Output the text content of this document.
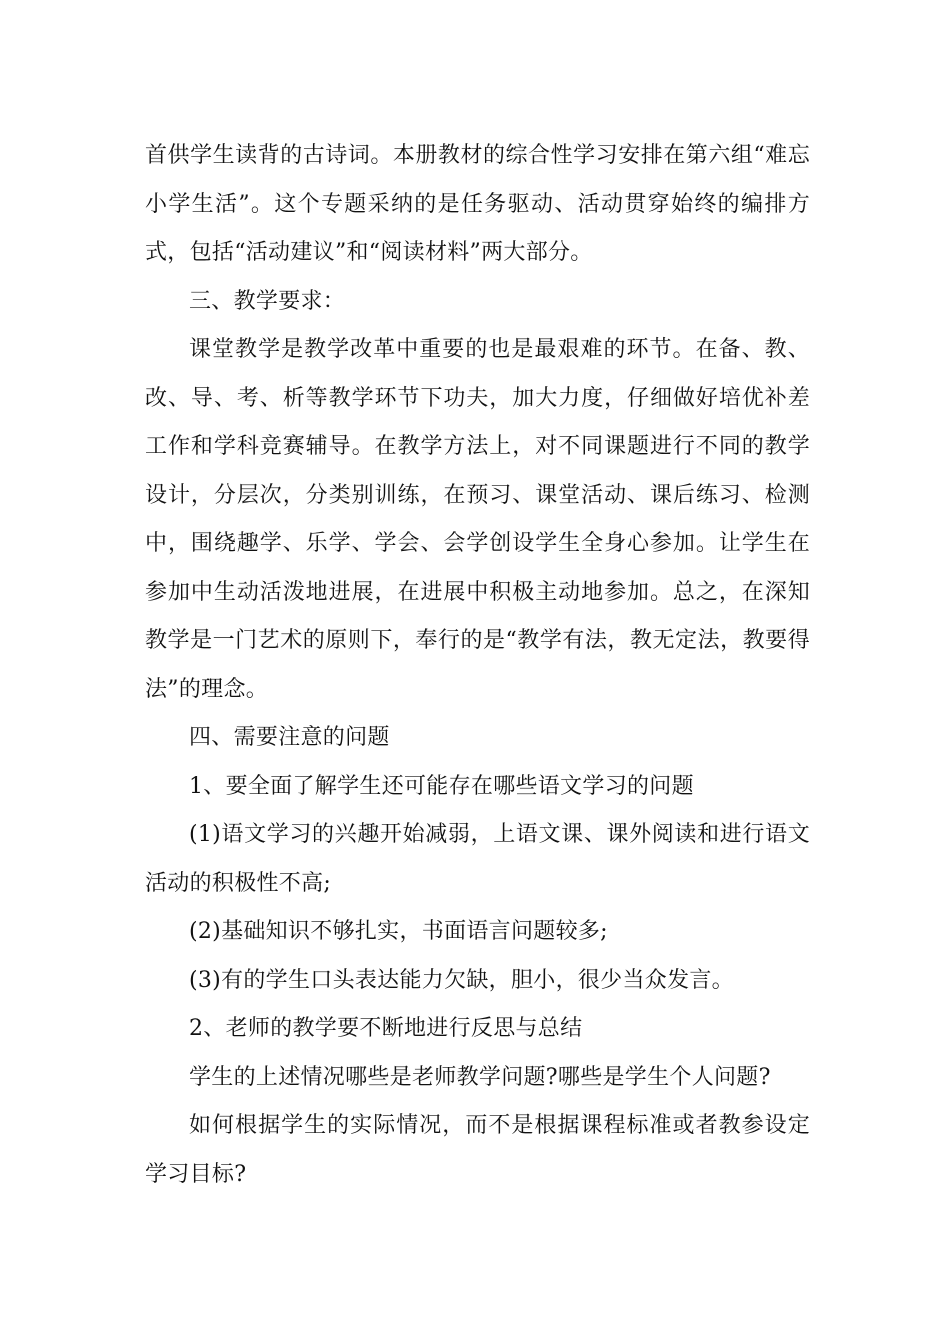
首供学生读背的古诗词。本册教材的综合性学习安排在第六组“难忘小学生活”。这个专题采纳的是任务驱动、活动贯穿始终的编排方式，包括“活动建议”和“阅读材料”两大部分。

三、教学要求：

课堂教学是教学改革中重要的也是最艰难的环节。在备、教、改、导、考、析等教学环节下功夫，加大力度，仔细做好培优补差工作和学科竞赛辅导。在教学方法上，对不同课题进行不同的教学设计，分层次，分类别训练，在预习、课堂活动、课后练习、检测中，围绕趣学、乐学、学会、会学创设学生全身心参加。让学生在参加中生动活泼地进展，在进展中积极主动地参加。总之，在深知教学是一门艺术的原则下，奉行的是“教学有法，教无定法，教要得法”的理念。

四、需要注意的问题

1、要全面了解学生还可能存在哪些语文学习的问题

(1)语文学习的兴趣开始减弱，上语文课、课外阅读和进行语文活动的积极性不高;

(2)基础知识不够扎实，书面语言问题较多;

(3)有的学生口头表达能力欠缺，胆小，很少当众发言。

2、老师的教学要不断地进行反思与总结

学生的上述情况哪些是老师教学问题?哪些是学生个人问题?

如何根据学生的实际情况，而不是根据课程标准或者教参设定学习目标?
